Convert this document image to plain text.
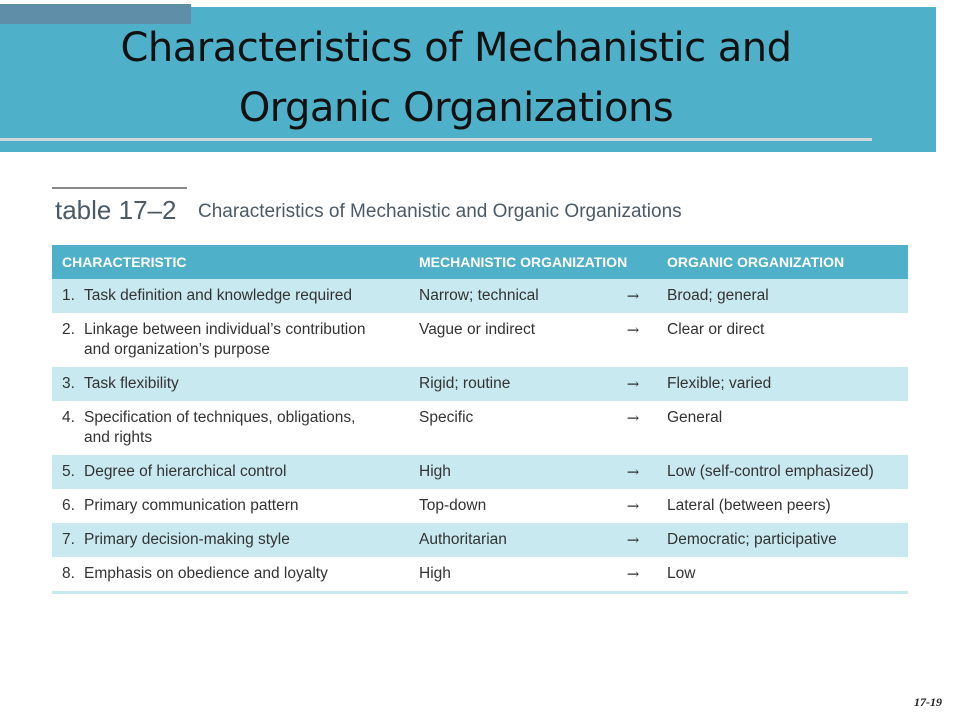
Characteristics of Mechanistic and
Organic Organizations
table 17–2 Characteristics of Mechanistic and Organic Organizations
CHARACTERISTIC	MECHANISTIC ORGANIZATION		ORGANIC ORGANIZATION
1. Task definition and knowledge required	Narrow; technical	→	Broad; general
2. Linkage between individual’s contribution
and organization’s purpose	Vague or indirect	→	Clear or direct
3. Task flexibility	Rigid; routine	→	Flexible; varied
4. Specification of techniques, obligations,
and rights	Specific	→	General
5. Degree of hierarchical control	High	→	Low (self-control emphasized)
6. Primary communication pattern	Top-down	→	Lateral (between peers)
7. Primary decision-making style	Authoritarian	→	Democratic; participative
8. Emphasis on obedience and loyalty	High	→	Low
17-19
